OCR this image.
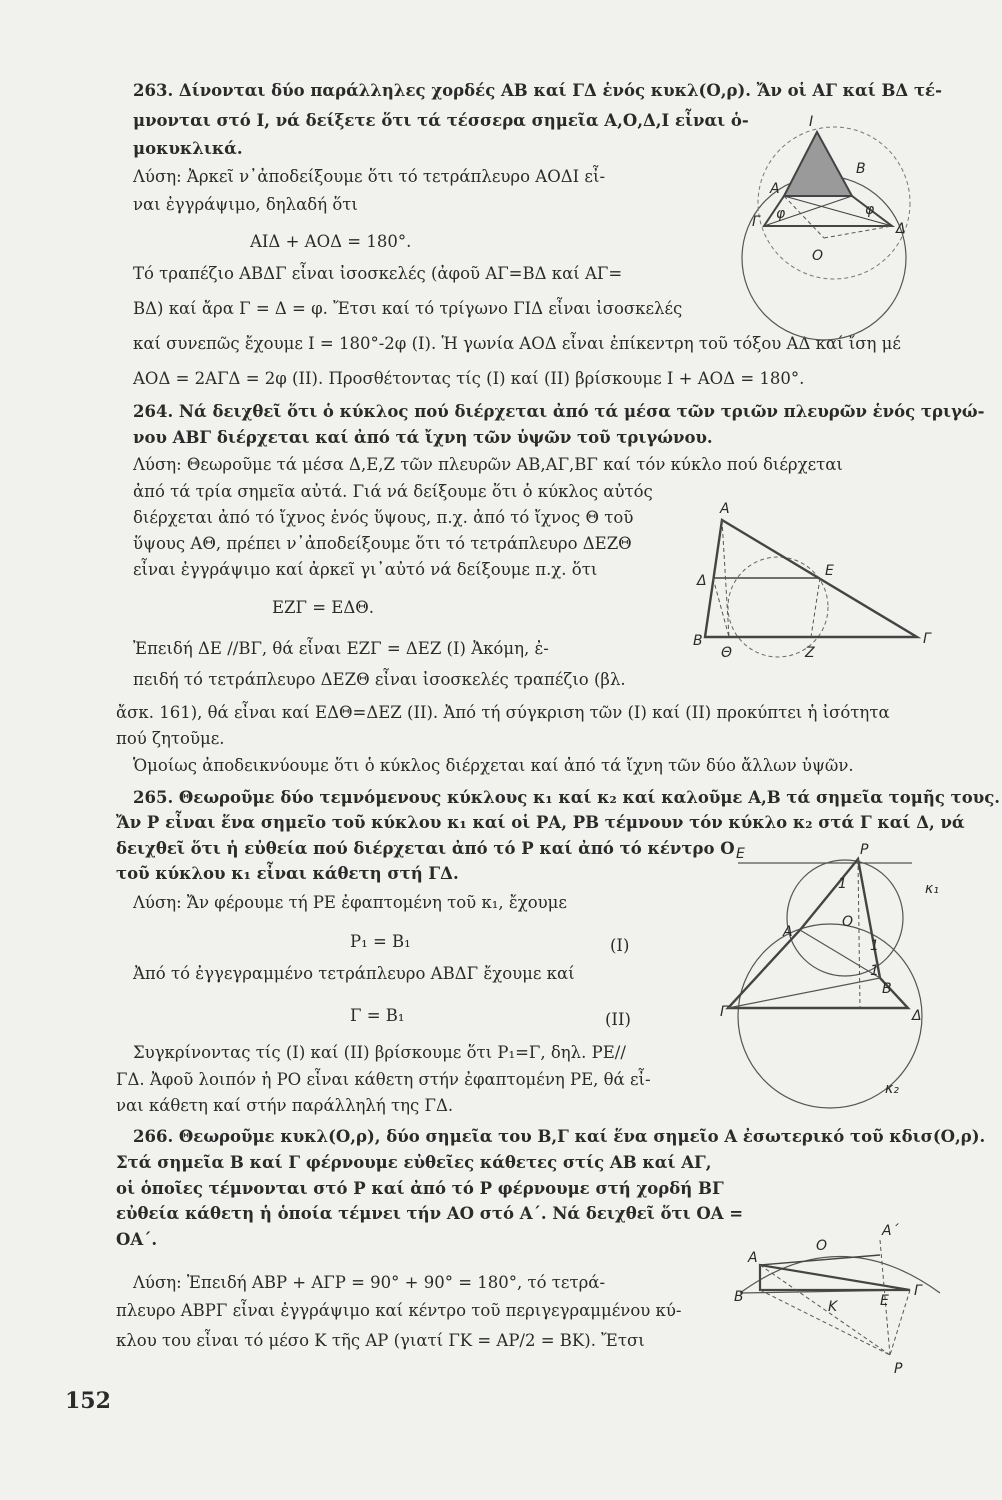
263. Δίνονται δύο παράλληλες χορδές ΑΒ καί ΓΔ ἑνός κυκλ(Ο,ρ). Ἄν οἱ ΑΓ καί ΒΔ τέ-
μνονται στό Ι, νά δείξετε ὅτι τά τέσσερα σημεῖα Α,Ο,Δ,Ι εἶναι ὁ-
μοκυκλικά.
Λύση: Ἀρκεῖ ν᾽ἀποδείξουμε ὅτι τό τετράπλευρο ΑΟΔΙ εἶ-
ναι ἐγγράψιμο, δηλαδή ὅτι
ΑΙΔ + ΑΟΔ = 180°.
Τό τραπέζιο ΑΒΔΓ εἶναι ἰσοσκελές (ἀφοῦ ΑΓ=ΒΔ καί ΑΓ=
ΒΔ) καί ἄρα Γ = Δ = φ. Ἔτσι καί τό τρίγωνο ΓΙΔ εἶναι ἰσοσκελές
καί συνεπῶς ἔχουμε Ι = 180°-2φ (Ι). Ἡ γωνία ΑΟΔ εἶναι ἐπίκεντρη τοῦ τόξου ΑΔ καί ἴση μέ
ΑΟΔ = 2ΑΓΔ = 2φ (ΙΙ). Προσθέτοντας τίς (Ι) καί (ΙΙ) βρίσκουμε Ι + ΑΟΔ = 180°.
264. Νά δειχθεῖ ὅτι ὁ κύκλος πού διέρχεται ἀπό τά μέσα τῶν τριῶν πλευρῶν ἑνός τριγώ-
νου ΑΒΓ διέρχεται καί ἀπό τά ἴχνη τῶν ὑψῶν τοῦ τριγώνου.
Λύση: Θεωροῦμε τά μέσα Δ,Ε,Ζ τῶν πλευρῶν ΑΒ,ΑΓ,ΒΓ καί τόν κύκλο πού διέρχεται
ἀπό τά τρία σημεῖα αὐτά. Γιά νά δείξουμε ὅτι ὁ κύκλος αὐτός
διέρχεται ἀπό τό ἴχνος ἑνός ὕψους, π.χ. ἀπό τό ἴχνος Θ τοῦ
ὕψους ΑΘ, πρέπει ν᾽ἀποδείξουμε ὅτι τό τετράπλευρο ΔΕΖΘ
εἶναι ἐγγράψιμο καί ἀρκεῖ γι᾽αὐτό νά δείξουμε π.χ. ὅτι
ΕΖΓ = ΕΔΘ.
Ἐπειδή ΔΕ //ΒΓ, θά εἶναι ΕΖΓ = ΔΕΖ (Ι) Ἀκόμη, ἐ-
πειδή τό τετράπλευρο ΔΕΖΘ εἶναι ἰσοσκελές τραπέζιο (βλ.
ἄσκ. 161), θά εἶναι καί ΕΔΘ=ΔΕΖ (ΙΙ). Ἀπό τή σύγκριση τῶν (Ι) καί (ΙΙ) προκύπτει ἡ ἰσότητα
πού ζητοῦμε.
Ὁμοίως ἀποδεικνύουμε ὅτι ὁ κύκλος διέρχεται καί ἀπό τά ἴχνη τῶν δύο ἄλλων ὑψῶν.
265. Θεωροῦμε δύο τεμνόμενους κύκλους κ₁ καί κ₂ καί καλοῦμε Α,Β τά σημεῖα τομῆς τους.
Ἄν Ρ εἶναι ἕνα σημεῖο τοῦ κύκλου κ₁ καί οἱ ΡΑ, ΡΒ τέμνουν τόν κύκλο κ₂ στά Γ καί Δ, νά
δειχθεῖ ὅτι ἡ εὐθεία πού διέρχεται ἀπό τό Ρ καί ἀπό τό κέντρο Ο
τοῦ κύκλου κ₁ εἶναι κάθετη στή ΓΔ.
Λύση: Ἄν φέρουμε τή ΡΕ ἐφαπτομένη τοῦ κ₁, ἔχουμε
Ρ₁ = Β₁	(Ι)
Ἀπό τό ἐγγεγραμμένο τετράπλευρο ΑΒΔΓ ἔχουμε καί
Γ = Β₁	(ΙΙ)
Συγκρίνοντας τίς (Ι) καί (ΙΙ) βρίσκουμε ὅτι Ρ₁=Γ, δηλ. ΡΕ//
ΓΔ. Ἀφοῦ λοιπόν ἡ ΡΟ εἶναι κάθετη στήν ἐφαπτομένη ΡΕ, θά εἶ-
ναι κάθετη καί στήν παράλληλή της ΓΔ.
266. Θεωροῦμε κυκλ(Ο,ρ), δύο σημεῖα του Β,Γ καί ἕνα σημεῖο Α ἐσωτερικό τοῦ κδισ(Ο,ρ).
Στά σημεῖα Β καί Γ φέρνουμε εὐθεῖες κάθετες στίς ΑΒ καί ΑΓ,
οἱ ὁποῖες τέμνονται στό Ρ καί ἀπό τό Ρ φέρνουμε στή χορδή ΒΓ
εὐθεία κάθετη ἡ ὁποία τέμνει τήν ΑΟ στό Α΄. Νά δειχθεῖ ὅτι ΟΑ =
ΟΑ΄.
Λύση: Ἐπειδή ΑΒΡ + ΑΓΡ = 90° + 90° = 180°, τό τετρά-
πλευρο ΑΒΡΓ εἶναι ἐγγράψιμο καί κέντρο τοῦ περιγεγραμμένου κύ-
κλου του εἶναι τό μέσο Κ τῆς ΑΡ (γιατί ΓΚ = ΑΡ/2 = ΒΚ). Ἔτσι
152
Ι
Α
Β
φ	φ
Γ	Δ
Ο
Α
Δ
Ε
Β
Θ	Ζ
Γ
Ε	Ρ
κ₁
1
Α
Ο
1
1
Β
Γ	Δ
κ₂
Ο
Α΄
Α
Β
Κ	Ε
Γ
Ρ
